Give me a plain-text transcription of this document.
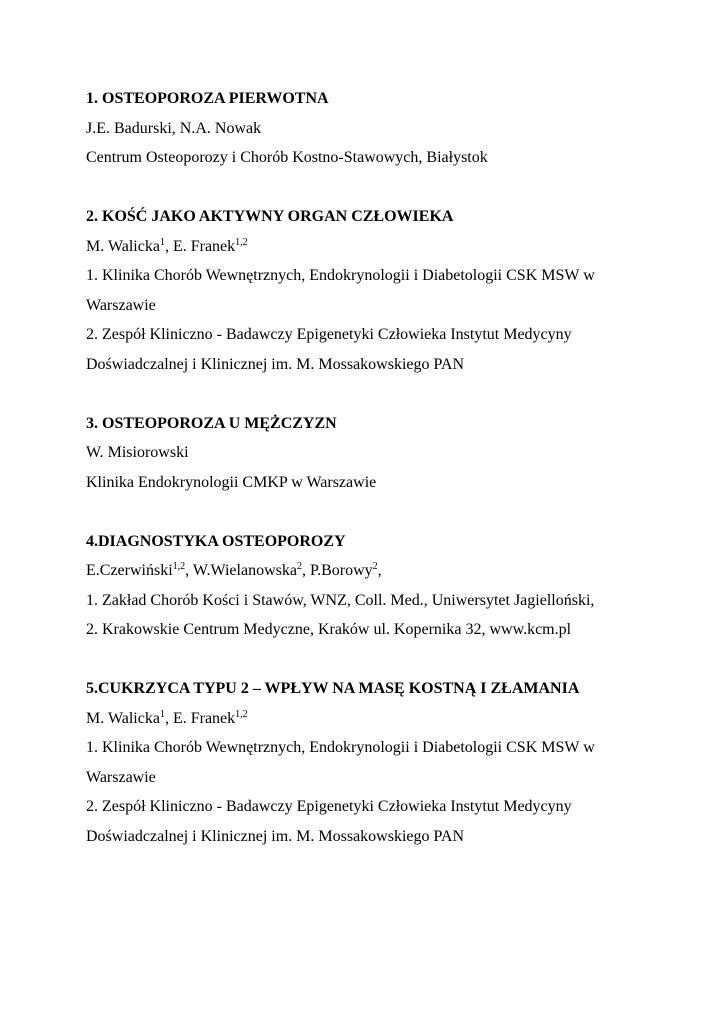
1. OSTEOPOROZA PIERWOTNA

J.E. Badurski, N.A. Nowak

Centrum Osteoporozy i Chorób Kostno-Stawowych, Białystok

2. KOŚĆ JAKO AKTYWNY ORGAN CZŁOWIEKA

M. Walicka$^1$, E. Franek$^{1,2}$

1. Klinika Chorób Wewnętrznych, Endokrynologii i Diabetologii CSK MSW w

Warszawie

2. Zespół Kliniczno - Badawczy Epigenetyki Człowieka Instytut Medycyny

Doświadczalnej i Klinicznej im. M. Mossakowskiego PAN

3. OSTEOPOROZA U MĘŻCZYZN

W. Misiorowski

Klinika Endokrynologii CMKP w Warszawie

4.DIAGNOSTYKA OSTEOPOROZY

E.Czerwiński$^{1,2}$, W.Wielanowska$^2$, P.Borowy$^2$,

1. Zakład Chorób Kości i Stawów, WNZ, Coll. Med., Uniwersytet Jagielloński,

2. Krakowskie Centrum Medyczne, Kraków ul. Kopernika 32, www.kcm.pl

5.CUKRZYCA TYPU 2 – WPŁYW NA MASĘ KOSTNĄ I ZŁAMANIA

M. Walicka$^1$, E. Franek$^{1,2}$

1. Klinika Chorób Wewnętrznych, Endokrynologii i Diabetologii CSK MSW w

Warszawie

2. Zespół Kliniczno - Badawczy Epigenetyki Człowieka Instytut Medycyny

Doświadczalnej i Klinicznej im. M. Mossakowskiego PAN
